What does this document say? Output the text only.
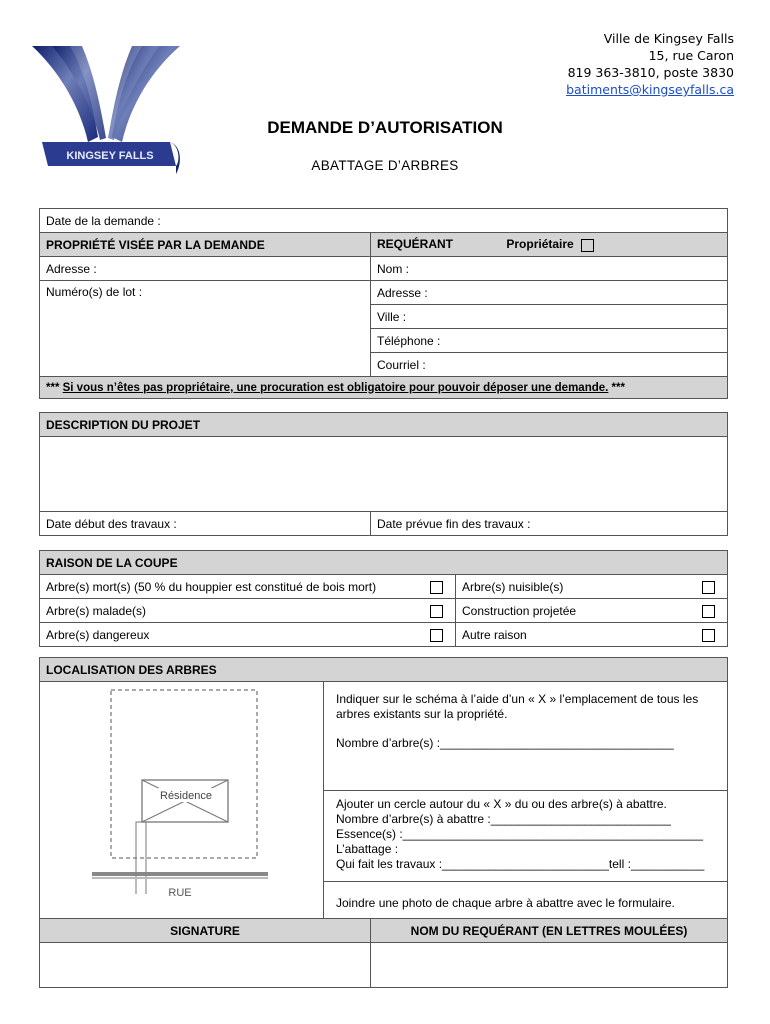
KINGSEY FALLS
Ville de Kingsey Falls
15, rue Caron
819 363-3810, poste 3830
batiments@kingseyfalls.ca
DEMANDE D’AUTORISATION
ABATTAGE D’ARBRES
Date de la demande :	
PROPRIÉTÉ VISÉE PAR LA DEMANDE	REQUÉRANT Propriétaire
Adresse :	Nom :
Numéro(s) de lot :	Adresse :
	Ville :
	Téléphone :
	Courriel :
*** Si vous n’êtes pas propriétaire, une procuration est obligatoire pour pouvoir déposer une demande. ***	
DESCRIPTION DU PROJET

Date début des travaux :	Date prévue fin des travaux :
RAISON DE LA COUPE			
Arbre(s) mort(s) (50 % du houppier est constitué de bois mort)		Arbre(s) nuisible(s)	
Arbre(s) malade(s)		Construction projetée	
Arbre(s) dangereux		Autre raison	
LOCALISATION DES ARBRES

Résidence
RUE

Indiquer sur le schéma à l’aide d’un « X » l’emplacement de tous les arbres existants sur la propriété.
Nombre d’arbre(s) :___________________________________

Ajouter un cercle autour du « X » du ou des arbre(s) à abattre.
Nombre d’arbre(s) à abattre :___________________________
Essence(s) :_____________________________________________
L’abattage :
Qui fait les travaux :_________________________tell :___________

Joindre une photo de chaque arbre à abattre avec le formulaire.
SIGNATURE	NOM DU REQUÉRANT (EN LETTRES MOULÉES)
